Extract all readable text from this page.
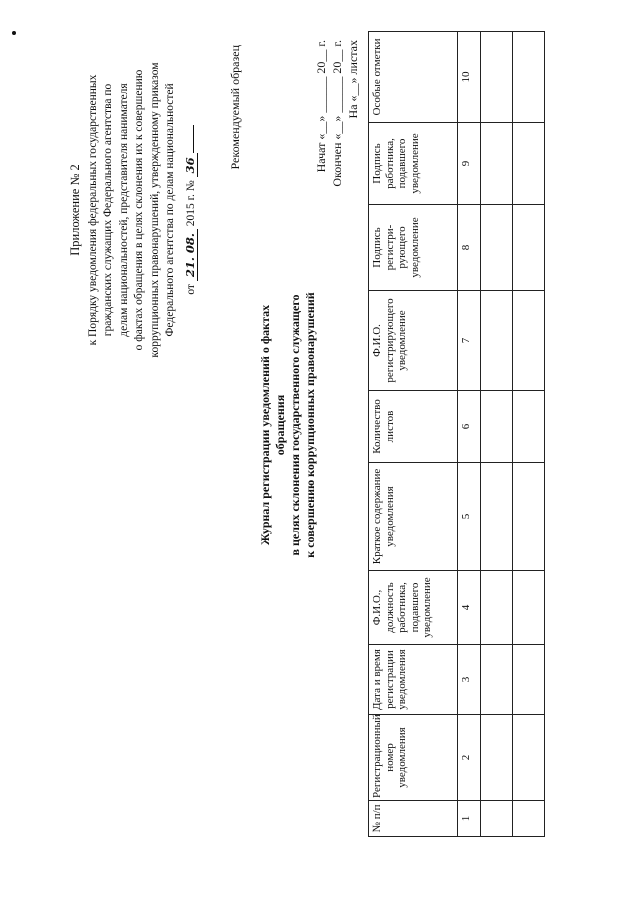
Приложение № 2 к Порядку уведомления федеральных государственных гражданских служащих Федерального агентства по делам национальностей, представителя нанимателя о фактах обращения в целях склонения их к совершению коррупционных правонарушений, утвержденному приказом Федерального агентства по делам национальностей от 21. 08. 2015 г. № 36	Рекомендуемый образец
Журнал регистрации уведомлений о фактах обращения в целях склонения государственного служащего к совершению коррупционных правонарушений
Начат «__» ______ 20__ г. Окончен «__» ______ 20__ г. На «__» листах
№ п/п	Регистрационный номер уведомления	Дата и время регистрации уведомления	Ф.И.О., должность работника, подавшего уведомление	Краткое содержание уведомления	Количество листов	Ф.И.О. регистрирующего уведомление	Подпись регистри-рующего уведомление	Подпись работника, подавшего уведомление	Особые отметки
1	2	3	4	5	6	7	8	9	10
